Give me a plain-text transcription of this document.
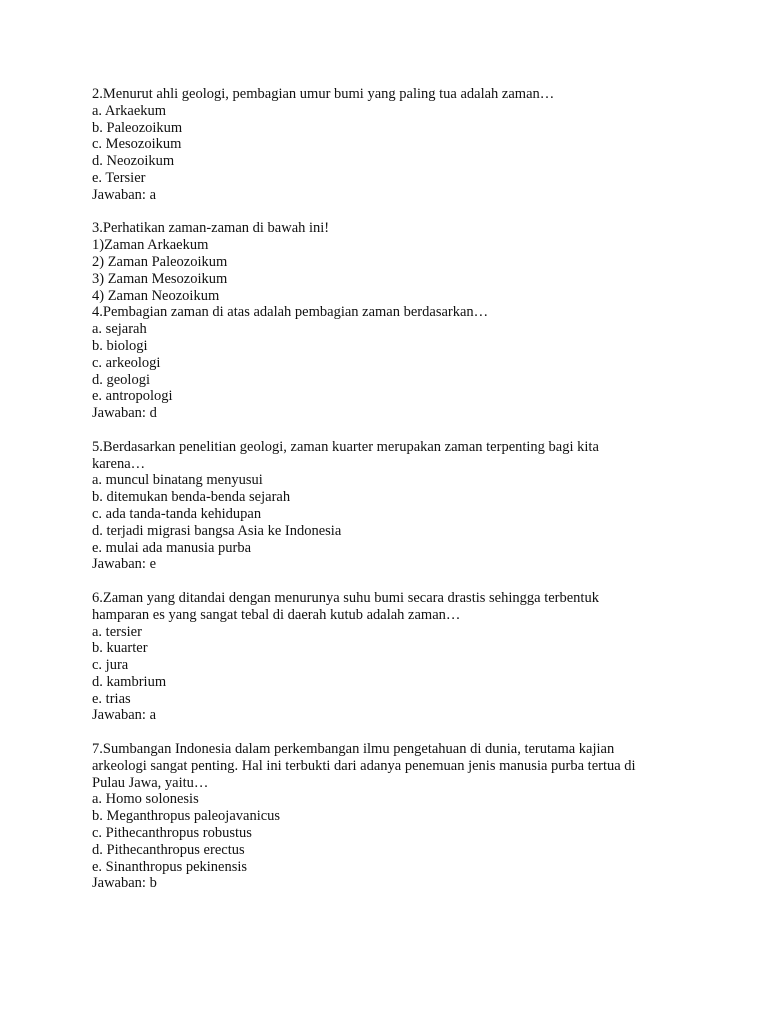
2.Menurut ahli geologi, pembagian umur bumi yang paling tua adalah zaman…
a. Arkaekum
b. Paleozoikum
c. Mesozoikum
d. Neozoikum
e. Tersier
Jawaban: a
3.Perhatikan zaman-zaman di bawah ini!
1)Zaman Arkaekum
2) Zaman Paleozoikum
3) Zaman Mesozoikum
4) Zaman Neozoikum
4.Pembagian zaman di atas adalah pembagian zaman berdasarkan…
a. sejarah
b. biologi
c. arkeologi
d. geologi
e. antropologi
Jawaban: d
5.Berdasarkan penelitian geologi, zaman kuarter merupakan zaman terpenting bagi kita
karena…
a. muncul binatang menyusui
b. ditemukan benda-benda sejarah
c. ada tanda-tanda kehidupan
d. terjadi migrasi bangsa Asia ke Indonesia
e. mulai ada manusia purba
Jawaban: e
6.Zaman yang ditandai dengan menurunya suhu bumi secara drastis sehingga terbentuk
hamparan es yang sangat tebal di daerah kutub adalah zaman…
a. tersier
b. kuarter
c. jura
d. kambrium
e. trias
Jawaban: a
7.Sumbangan Indonesia dalam perkembangan ilmu pengetahuan di dunia, terutama kajian
arkeologi sangat penting. Hal ini terbukti dari adanya penemuan jenis manusia purba tertua di
Pulau Jawa, yaitu…
a. Homo solonesis
b. Meganthropus paleojavanicus
c. Pithecanthropus robustus
d. Pithecanthropus erectus
e. Sinanthropus pekinensis
Jawaban: b
